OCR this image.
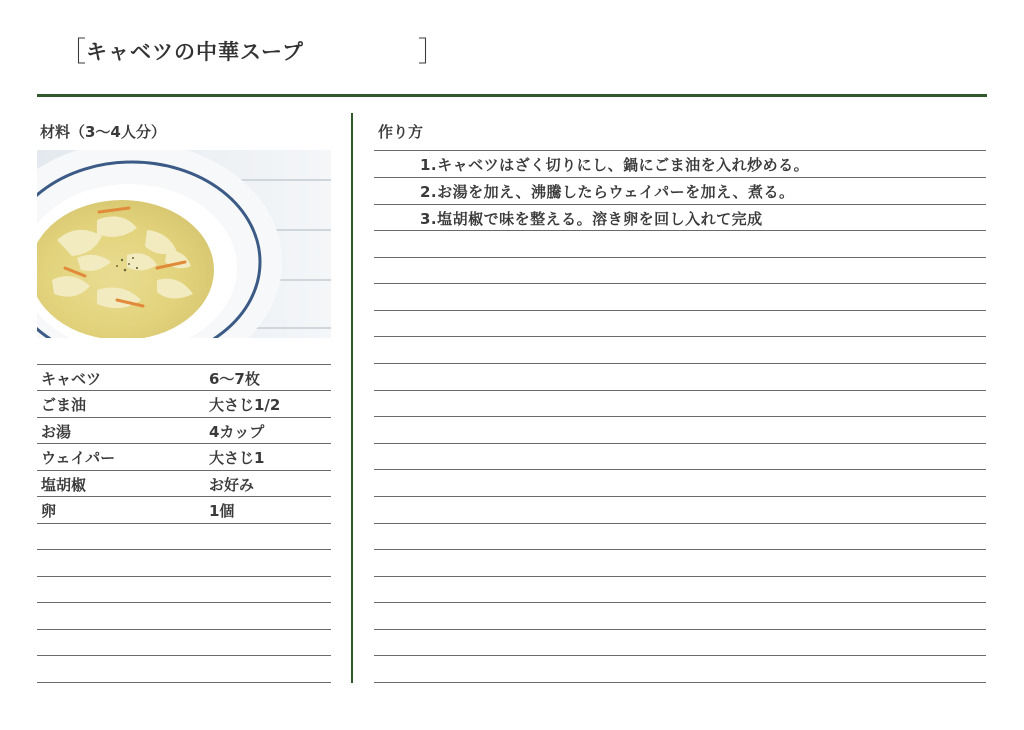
［ キャベツの中華スープ	］
材料（3〜4人分）
キャベツ	6〜7枚
ごま油	大さじ1/2
お湯	4カップ
ウェイパー	大さじ1
塩胡椒	お好み
卵	1個
作り方
1.キャベツはざく切りにし、鍋にごま油を入れ炒める。
2.お湯を加え、沸騰したらウェイパーを加え、煮る。
3.塩胡椒で味を整える。溶き卵を回し入れて完成
